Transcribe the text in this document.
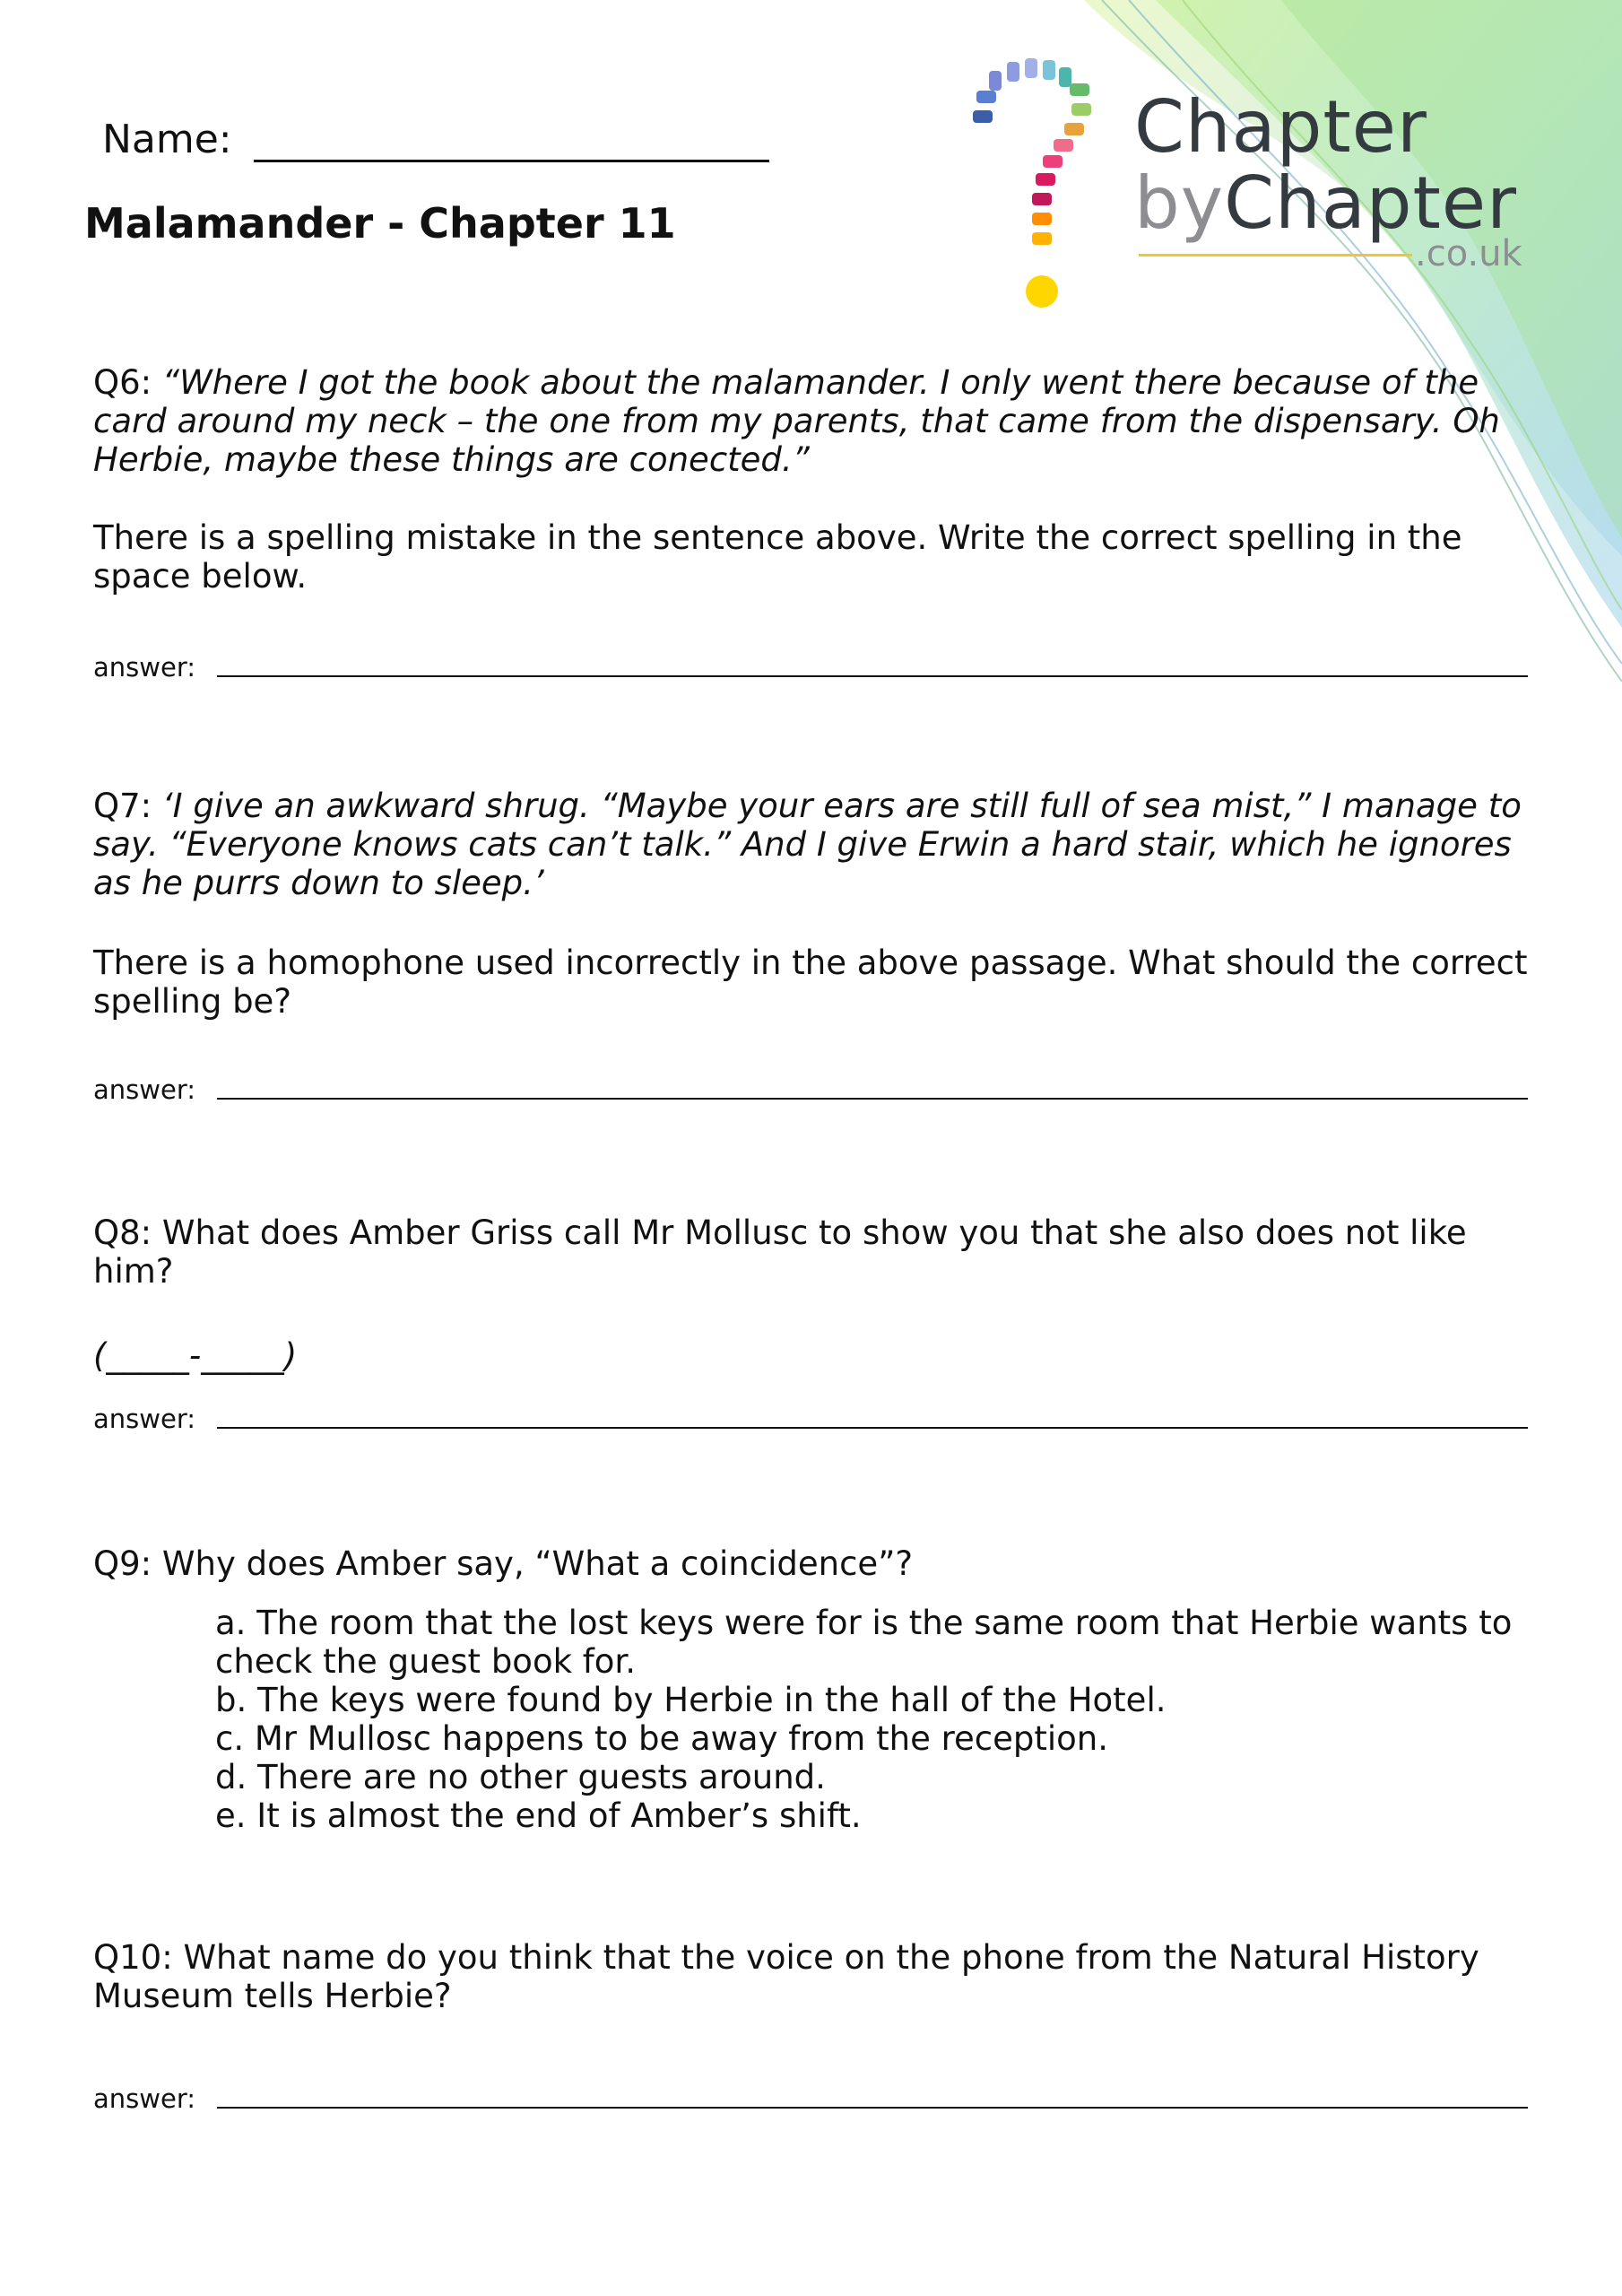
Name:
Malamander - Chapter 11
Chapter
byChapter
.co.uk
Q6: “Where I got the book about the malamander. I only went there because of the card around my neck – the one from my parents, that came from the dispensary. Oh Herbie, maybe these things are conected.”
There is a spelling mistake in the sentence above. Write the correct spelling in the space below.
answer:
Q7: ‘I give an awkward shrug. “Maybe your ears are still full of sea mist,” I manage to say. “Everyone knows cats can’t talk.” And I give Erwin a hard stair, which he ignores as he purrs down to sleep.’
There is a homophone used incorrectly in the above passage. What should the correct spelling be?
answer:
Q8: What does Amber Griss call Mr Mollusc to show you that she also does not like him?
(_____-_____)
answer:
Q9: Why does Amber say, “What a coincidence”?
a. The room that the lost keys were for is the same room that Herbie wants to check the guest book for.
b. The keys were found by Herbie in the hall of the Hotel.
c. Mr Mullosc happens to be away from the reception.
d. There are no other guests around.
e. It is almost the end of Amber’s shift.
Q10: What name do you think that the voice on the phone from the Natural History Museum tells Herbie?
answer:
